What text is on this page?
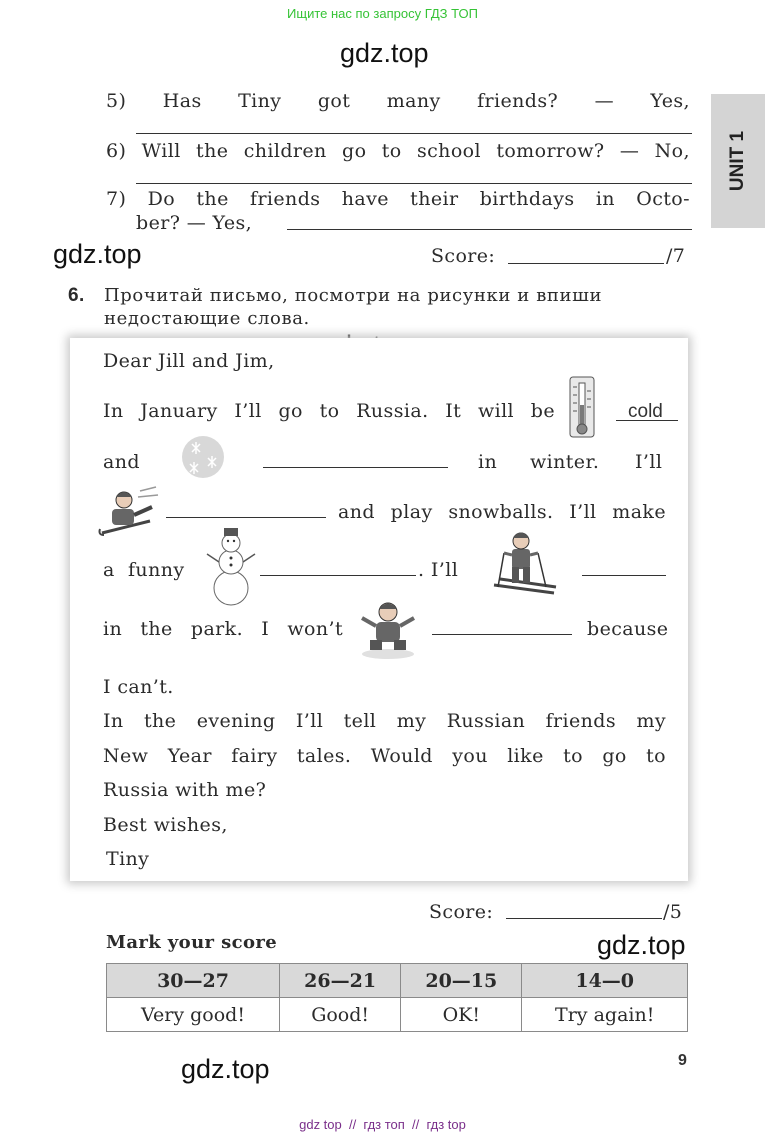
Ищите нас по запросу ГДЗ ТОП
gdz.top
gdz.top
gdz.top
gdz.top
UNIT 1
5) Has Tiny got many friends? — Yes,
6) Will the children go to school tomorrow? — No,
7) Do the friends have their birthdays in Octo-
ber? — Yes,
Score:	/7
6. Прочитай письмо, посмотри на рисунки и впиши
недостающие слова.
Dear Jill and Jim,
In January I’ll go to Russia. It will be	cold
and	in winter. I’ll
and play snowballs. I’ll make
a funny	. I’ll
in the park. I won’t	because
I can’t.
In the evening I’ll tell my Russian friends my
New Year fairy tales. Would you like to go to
Russia with me?
Best wishes,
Tiny
Score:	/5
Mark your score
30—27	26—21	20—15	14—0
Very good!	Good!	OK!	Try again!
9
gdz top  //  гдз топ  //  гдз top
